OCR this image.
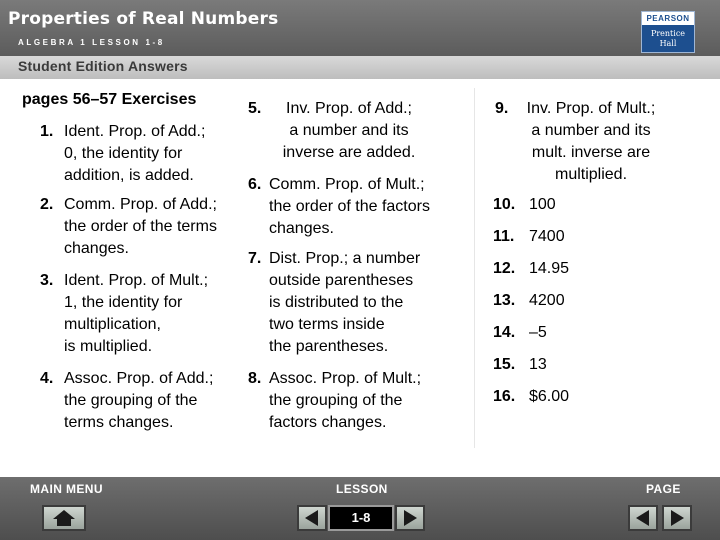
Properties of Real Numbers
ALGEBRA 1 LESSON 1-8
PEARSON
Prentice
Hall
Student Edition Answers
pages 56–57 Exercises
1. Ident. Prop. of Add.;
0, the identity for
addition, is added.
2. Comm. Prop. of Add.;
the order of the terms
changes.
3. Ident. Prop. of Mult.;
1, the identity for
multiplication,
is multiplied.
4. Assoc. Prop. of Add.;
the grouping of the
terms changes.
5.	Inv. Prop. of Add.;
a number and its
inverse are added.
6. Comm. Prop. of Mult.;
the order of the factors
changes.
7. Dist. Prop.; a number
outside parentheses
is distributed to the
two terms inside
the parentheses.
8. Assoc. Prop. of Mult.;
the grouping of the
factors changes.
9.	Inv. Prop. of Mult.;
a number and its
mult. inverse are
multiplied.
10. 100
11. 7400
12. 14.95
13. 4200
14. –5
15. 13
16. $6.00
MAIN MENU	LESSON	PAGE
1-8
